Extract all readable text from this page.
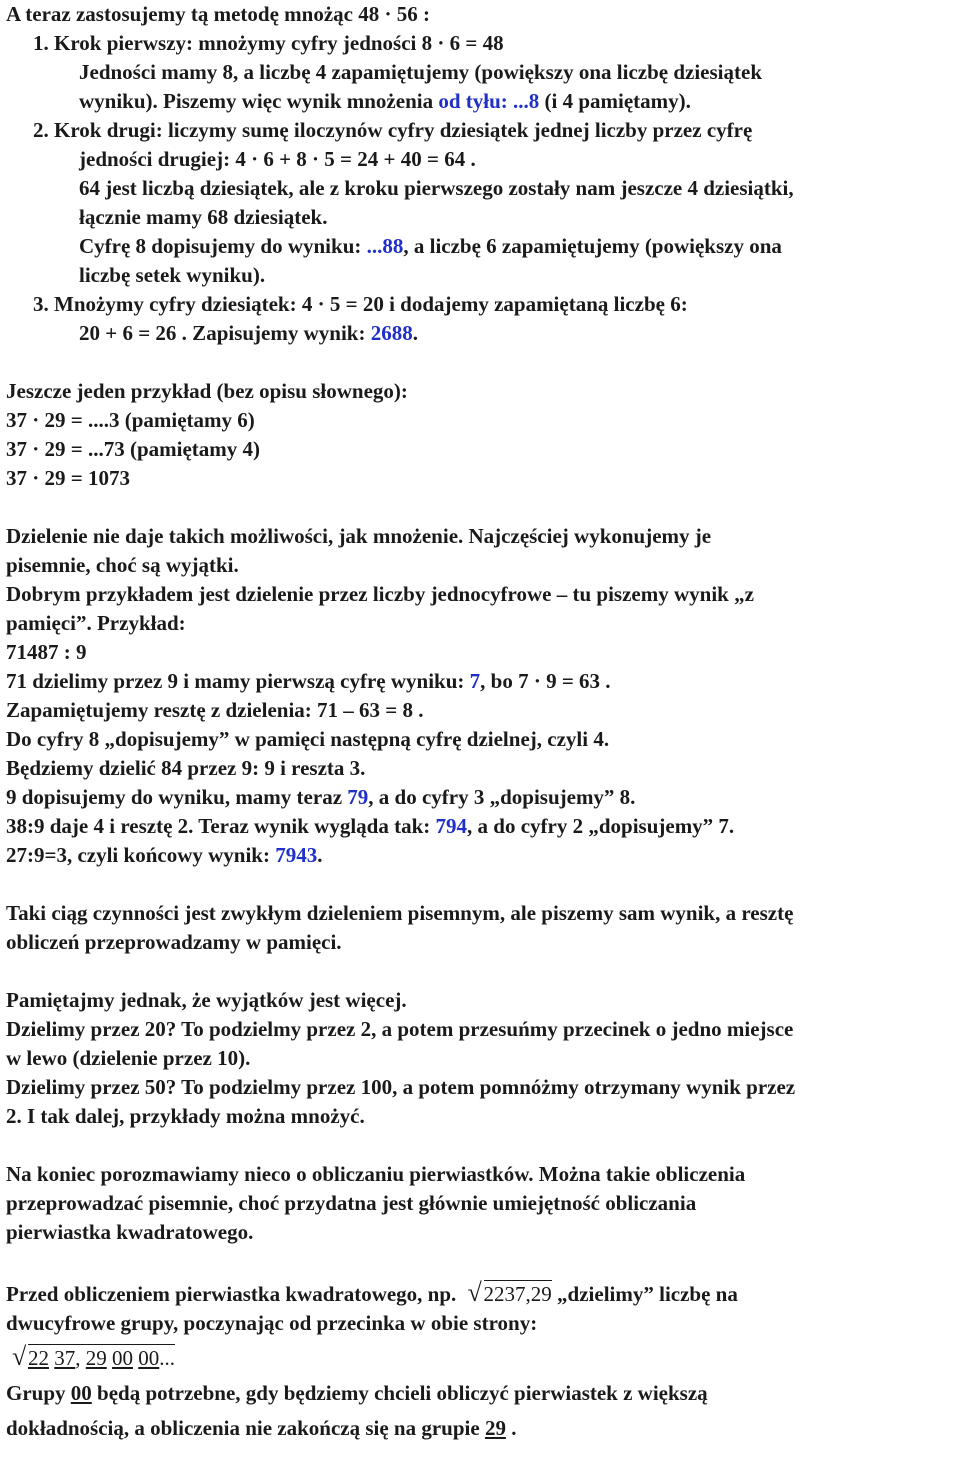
A teraz zastosujemy tą metodę mnożąc 48 · 56 :
1. Krok pierwszy: mnożymy cyfry jedności 8 · 6 = 48
Jedności mamy 8, a liczbę 4 zapamiętujemy (powiększy ona liczbę dziesiątek
wyniku). Piszemy więc wynik mnożenia od tyłu: ...8 (i 4 pamiętamy).
2. Krok drugi: liczymy sumę iloczynów cyfry dziesiątek jednej liczby przez cyfrę
jedności drugiej: 4 · 6 + 8 · 5 = 24 + 40 = 64 .
64 jest liczbą dziesiątek, ale z kroku pierwszego zostały nam jeszcze 4 dziesiątki,
łącznie mamy 68 dziesiątek.
Cyfrę 8 dopisujemy do wyniku: ...88, a liczbę 6 zapamiętujemy (powiększy ona
liczbę setek wyniku).
3. Mnożymy cyfry dziesiątek: 4 · 5 = 20 i dodajemy zapamiętaną liczbę 6:
20 + 6 = 26 . Zapisujemy wynik: 2688.
Jeszcze jeden przykład (bez opisu słownego):
37 · 29 = ....3 (pamiętamy 6)
37 · 29 = ...73 (pamiętamy 4)
37 · 29 = 1073
Dzielenie nie daje takich możliwości, jak mnożenie. Najczęściej wykonujemy je
pisemnie, choć są wyjątki.
Dobrym przykładem jest dzielenie przez liczby jednocyfrowe – tu piszemy wynik „z
pamięci”. Przykład:
71487 : 9
71 dzielimy przez 9 i mamy pierwszą cyfrę wyniku: 7, bo 7 · 9 = 63 .
Zapamiętujemy resztę z dzielenia: 71 – 63 = 8 .
Do cyfry 8 „dopisujemy” w pamięci następną cyfrę dzielnej, czyli 4.
Będziemy dzielić 84 przez 9: 9 i reszta 3.
9 dopisujemy do wyniku, mamy teraz 79, a do cyfry 3 „dopisujemy” 8.
38:9 daje 4 i resztę 2. Teraz wynik wygląda tak: 794, a do cyfry 2 „dopisujemy” 7.
27:9=3, czyli końcowy wynik: 7943.
Taki ciąg czynności jest zwykłym dzieleniem pisemnym, ale piszemy sam wynik, a resztę
obliczeń przeprowadzamy w pamięci.
Pamiętajmy jednak, że wyjątków jest więcej.
Dzielimy przez 20? To podzielmy przez 2, a potem przesuńmy przecinek o jedno miejsce
w lewo (dzielenie przez 10).
Dzielimy przez 50? To podzielmy przez 100, a potem pomnóżmy otrzymany wynik przez
2. I tak dalej, przykłady można mnożyć.
Na koniec porozmawiamy nieco o obliczaniu pierwiastków. Można takie obliczenia
przeprowadzać pisemnie, choć przydatna jest głównie umiejętność obliczania
pierwiastka kwadratowego.
Przed obliczeniem pierwiastka kwadratowego, np. √ 2237,29 „dzielimy” liczbę na
dwucyfrowe grupy, poczynając od przecinka w obie strony:
√ 22 37, 29 00 00...
Grupy 00 będą potrzebne, gdy będziemy chcieli obliczyć pierwiastek z większą
dokładnością, a obliczenia nie zakończą się na grupie 29 .
